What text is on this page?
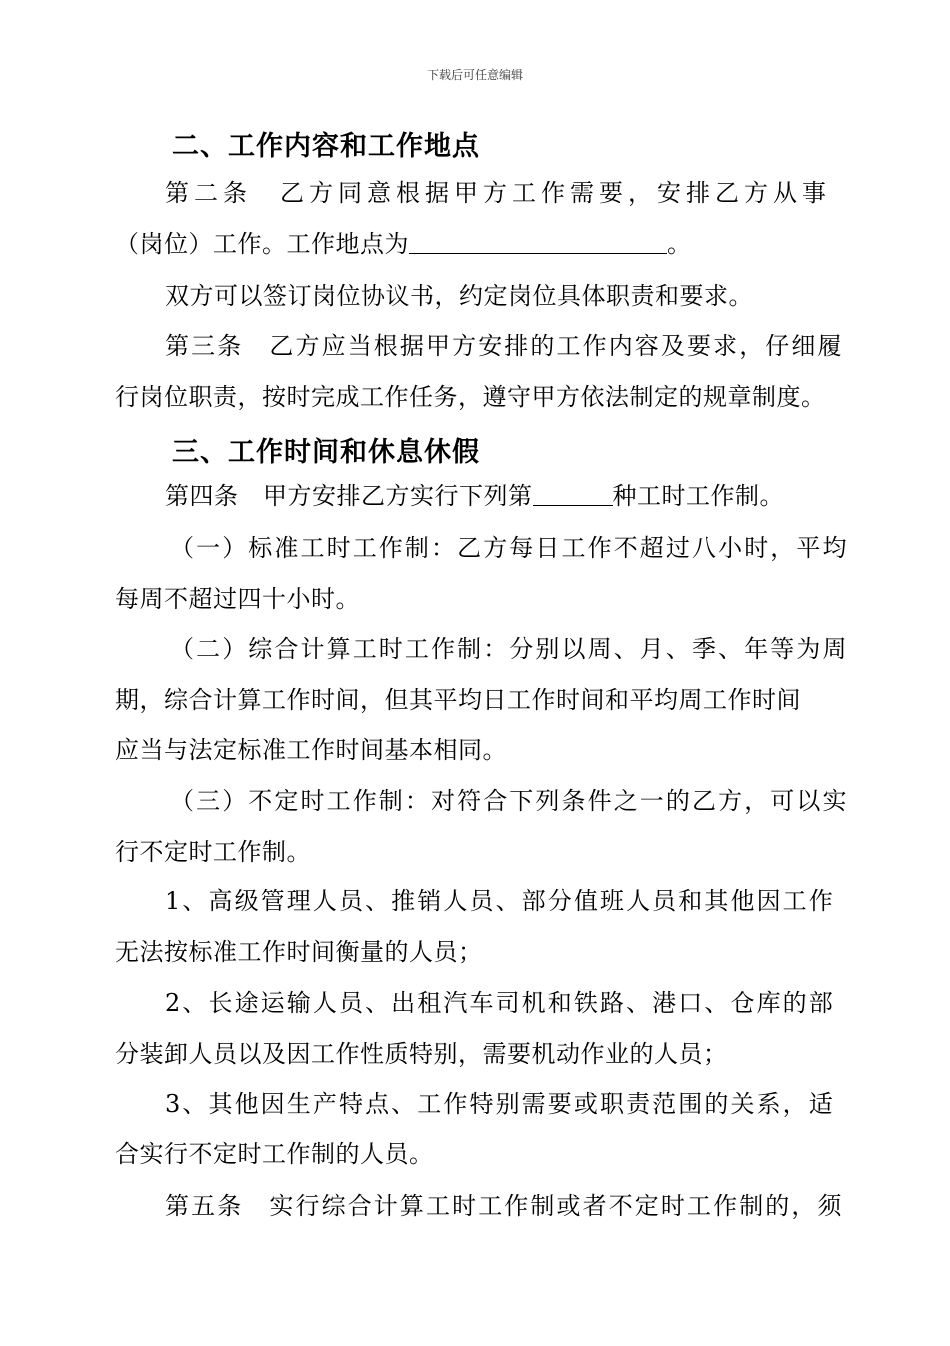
下载后可任意编辑
二、工作内容和工作地点
第二条 乙方同意根据甲方工作需要，安排乙方从事
（岗位）工作。工作地点为	。
双方可以签订岗位协议书，约定岗位具体职责和要求。
第三条　乙方应当根据甲方安排的工作内容及要求，仔细履
行岗位职责，按时完成工作任务，遵守甲方依法制定的规章制度。
三、工作时间和休息休假
第四条　甲方安排乙方实行下列第	种工时工作制。
（一）标准工时工作制：乙方每日工作不超过八小时，平均
每周不超过四十小时。
（二）综合计算工时工作制：分别以周、月、季、年等为周
期，综合计算工作时间，但其平均日工作时间和平均周工作时间
应当与法定标准工作时间基本相同。
（三）不定时工作制：对符合下列条件之一的乙方，可以实
行不定时工作制。
1、高级管理人员、推销人员、部分值班人员和其他因工作
无法按标准工作时间衡量的人员；
2、长途运输人员、出租汽车司机和铁路、港口、仓库的部
分装卸人员以及因工作性质特别，需要机动作业的人员；
3、其他因生产特点、工作特别需要或职责范围的关系，适
合实行不定时工作制的人员。
第五条　实行综合计算工时工作制或者不定时工作制的，须
